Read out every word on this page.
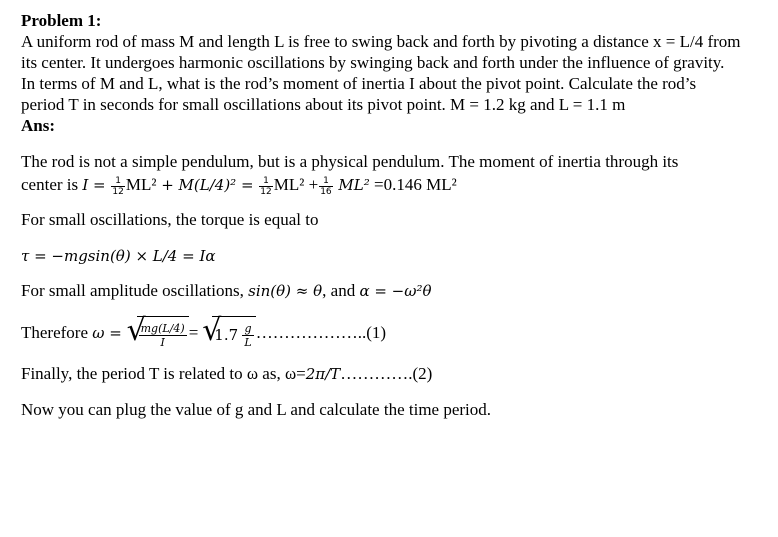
Problem 1:

A uniform rod of mass M and length L is free to swing back and forth by pivoting a distance x = L/4 from its center. It undergoes harmonic oscillations by swinging back and forth under the influence of gravity. In terms of M and L, what is the rod’s moment of inertia I about the pivot point. Calculate the rod’s period T in seconds for small oscillations about its pivot point. M = 1.2 kg and L = 1.1 m

Ans:

The rod is not a simple pendulum, but is a physical pendulum. The moment of inertia through its

center is $I = \frac{1}{12} ML^2 + M(L/4)^2 = \frac{1}{12} ML^2 + \frac{1}{16} ML^2 =0.146$ ML²

For small oscillations, the torque is equal to

τ = −mgsin(θ) × L/4 = Iα

For small amplitude oscillations, sin(θ) ≈ θ, and α = −ω²θ

Therefore ω = √
$\frac{mg(L/4)}{I}$ = √
$1.7 \frac{g}{L}$ ………………..(1)

Finally, the period T is related to ω as, ω=2π/T………….(2)

Now you can plug the value of g and L and calculate the time period.
